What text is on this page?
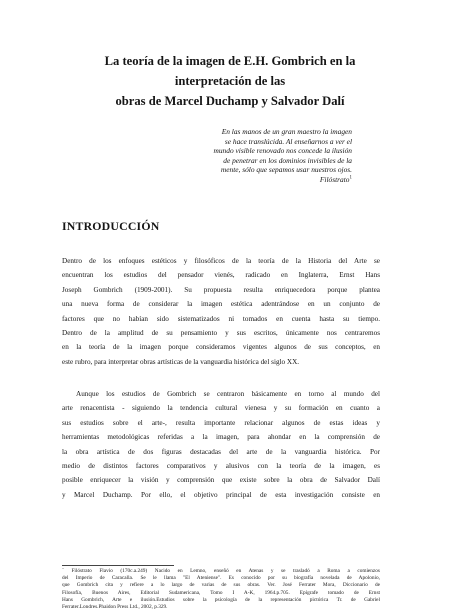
La teoría de la imagen de E.H. Gombrich en la
interpretación de las
obras de Marcel Duchamp y Salvador Dalí
En las manos de un gran maestro la imagen
se hace translúcida. Al enseñarnos a ver el
mundo visible renovado nos concede la ilusión
de penetrar en los dominios invisibles de la
mente, sólo que sepamos usar nuestros ojos.
Filóstrato$^1$
INTRODUCCIÓN
Dentro de los enfoques estéticos y filosóficos de la teoría de la Historia del Arte se
encuentran los estudios del pensador vienés, radicado en Inglaterra, Ernst Hans
Joseph Gombrich (1909-2001). Su propuesta resulta enriquecedora porque plantea
una nueva forma de considerar la imagen estética adentrándose en un conjunto de
factores que no habían sido sistematizados ni tomados en cuenta hasta su tiempo.
Dentro de la amplitud de su pensamiento y sus escritos, únicamente nos centraremos
en la teoría de la imagen porque consideramos vigentes algunos de sus conceptos, en
este rubro, para interpretar obras artísticas de la vanguardia histórica del siglo XX.
Aunque los estudios de Gombrich se centraron básicamente en torno al mundo del
arte renacentista - siguiendo la tendencia cultural vienesa y su formación en cuanto a
sus estudios sobre el arte-, resulta importante relacionar algunos de estas ideas y
herramientas metodológicas referidas a la imagen, para ahondar en la comprensión de
la obra artística de dos figuras destacadas del arte de la vanguardia histórica. Por
medio de distintos factores comparativos y alusivos con la teoría de la imagen, es
posible enriquecer la visión y comprensión que existe sobre la obra de Salvador Dalí
y Marcel Duchamp. Por ello, el objetivo principal de esta investigación consiste en
$^1$ Filóstrato Flavio (170c.a.249) Nacido en Lemno, enseñó en Atenas y se trasladó a Roma a comienzos
del Imperio de Caracalla. Se le llama "El Ateniense". Es conocido por su biografía novelada de Apolonio,
que Gombrich cita y refiere a lo largo de varias de sus obras. Ver. José Ferrater Mora, Diccionario de
Filosofía, Buenos Aires, Editorial Sudamericana, Tomo I A-K, 1964.p.705. Epígrafe tomado de Ernst
Hans Gombrich, Arte e ilusión.Estudios sobre la psicología de la representación pictórica Tr. de Gabriel
Ferrater.Londres.Phaidon Press Ltd., 2002, p.329.
